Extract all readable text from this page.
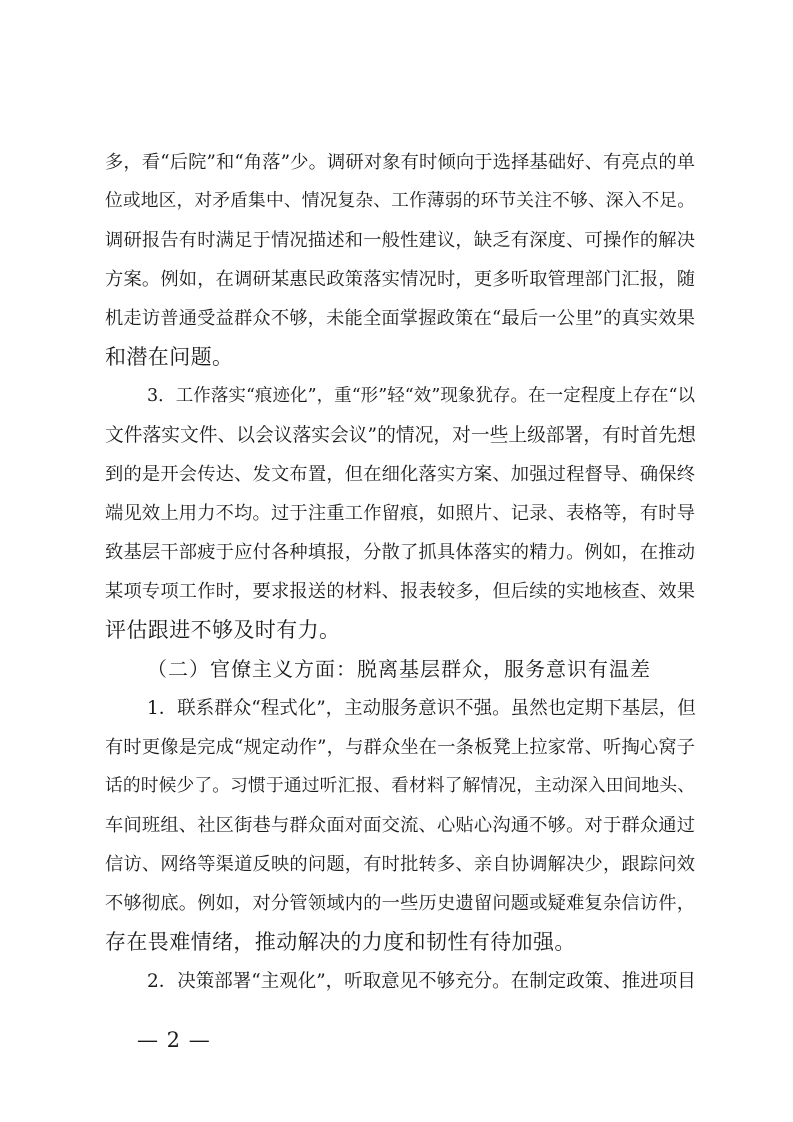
多，看“后院”和“角落”少。调研对象有时倾向于选择基础好、有亮点的单
位或地区，对矛盾集中、情况复杂、工作薄弱的环节关注不够、深入不足。
调研报告有时满足于情况描述和一般性建议，缺乏有深度、可操作的解决
方案。例如，在调研某惠民政策落实情况时，更多听取管理部门汇报，随
机走访普通受益群众不够，未能全面掌握政策在“最后一公里”的真实效果
和潜在问题。
3．工作落实“痕迹化”，重“形”轻“效”现象犹存。在一定程度上存在“以
文件落实文件、以会议落实会议”的情况，对一些上级部署，有时首先想
到的是开会传达、发文布置，但在细化落实方案、加强过程督导、确保终
端见效上用力不均。过于注重工作留痕，如照片、记录、表格等，有时导
致基层干部疲于应付各种填报，分散了抓具体落实的精力。例如，在推动
某项专项工作时，要求报送的材料、报表较多，但后续的实地核查、效果
评估跟进不够及时有力。
（二）官僚主义方面：脱离基层群众，服务意识有温差
1．联系群众“程式化”，主动服务意识不强。虽然也定期下基层，但
有时更像是完成“规定动作”，与群众坐在一条板凳上拉家常、听掏心窝子
话的时候少了。习惯于通过听汇报、看材料了解情况，主动深入田间地头、
车间班组、社区街巷与群众面对面交流、心贴心沟通不够。对于群众通过
信访、网络等渠道反映的问题，有时批转多、亲自协调解决少，跟踪问效
不够彻底。例如，对分管领域内的一些历史遗留问题或疑难复杂信访件，
存在畏难情绪，推动解决的力度和韧性有待加强。
2．决策部署“主观化”，听取意见不够充分。在制定政策、推进项目
— 2 —
